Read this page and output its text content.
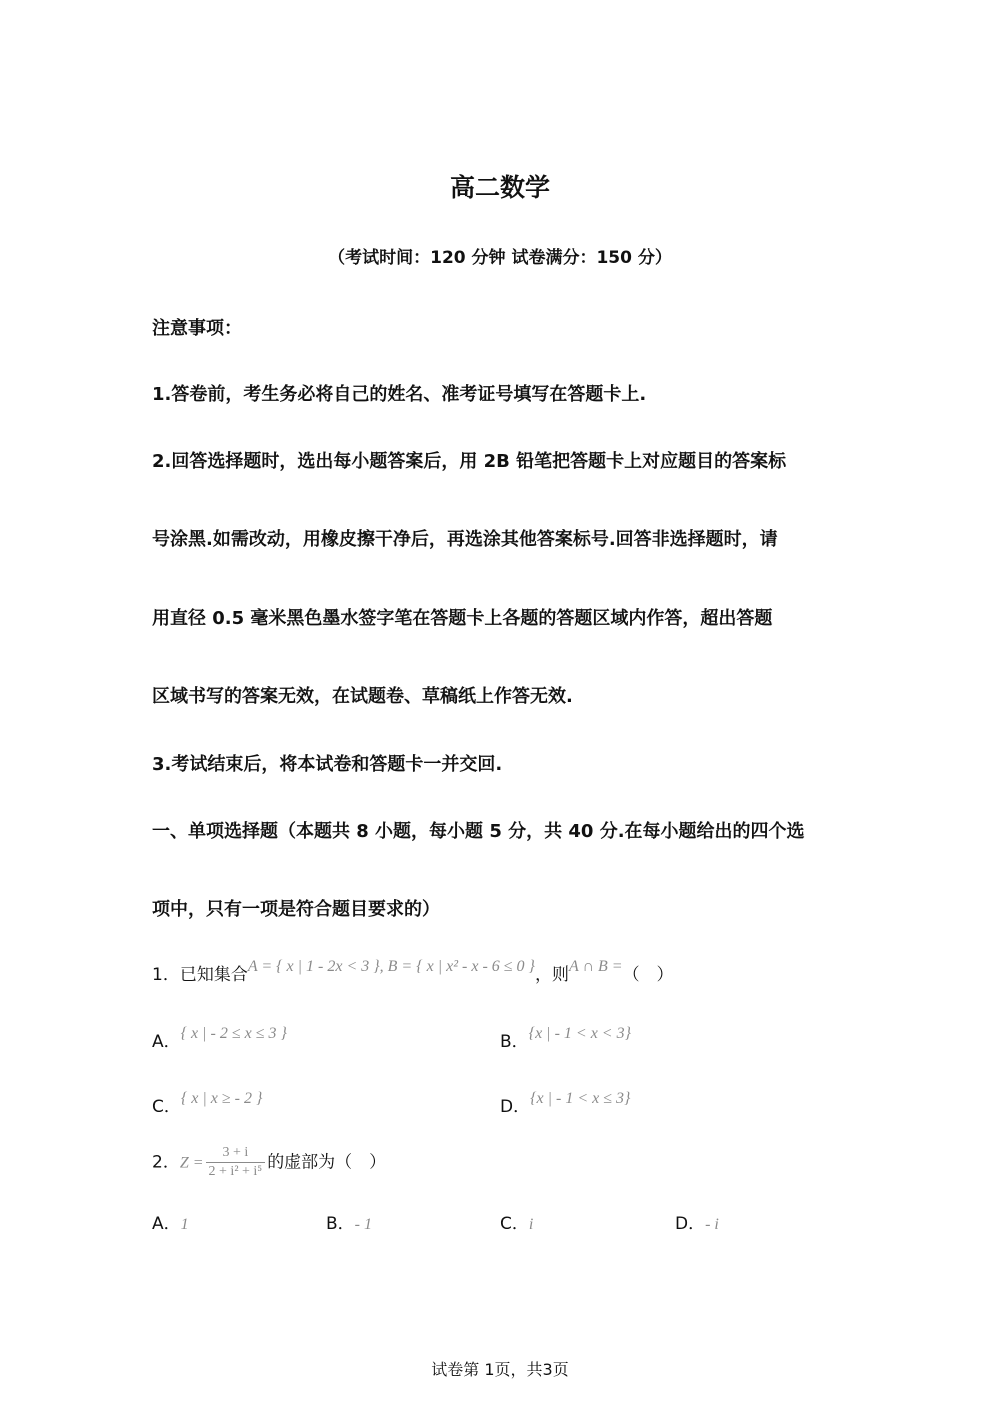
高二数学
（考试时间：120 分钟 试卷满分：150 分）
注意事项：
1.答卷前，考生务必将自己的姓名、准考证号填写在答题卡上.
2.回答选择题时，选出每小题答案后，用 2B 铅笔把答题卡上对应题目的答案标
号涂黑.如需改动，用橡皮擦干净后，再选涂其他答案标号.回答非选择题时，请
用直径 0.5 毫米黑色墨水签字笔在答题卡上各题的答题区域内作答，超出答题
区域书写的答案无效，在试题卷、草稿纸上作答无效.
3.考试结束后，将本试卷和答题卡一并交回.
一、单项选择题（本题共 8 小题，每小题 5 分，共 40 分.在每小题给出的四个选
项中，只有一项是符合题目要求的）
1．已知集合A = { x | 1 - 2x < 3 }, B = { x | x² - x - 6 ≤ 0 }，则A ∩ B =（　）
A．{ x | - 2 ≤ x ≤ 3 }	B．{x | - 1 < x < 3}
C．{ x | x ≥ - 2 }	D．{x | - 1 < x ≤ 3}
2．$Z = \frac{3 + i}{\text{2 + i² + i⁵}}$ 的虚部为（　）
A．1	B．- 1	C．i	D．- i
试卷第 1页，共3页
